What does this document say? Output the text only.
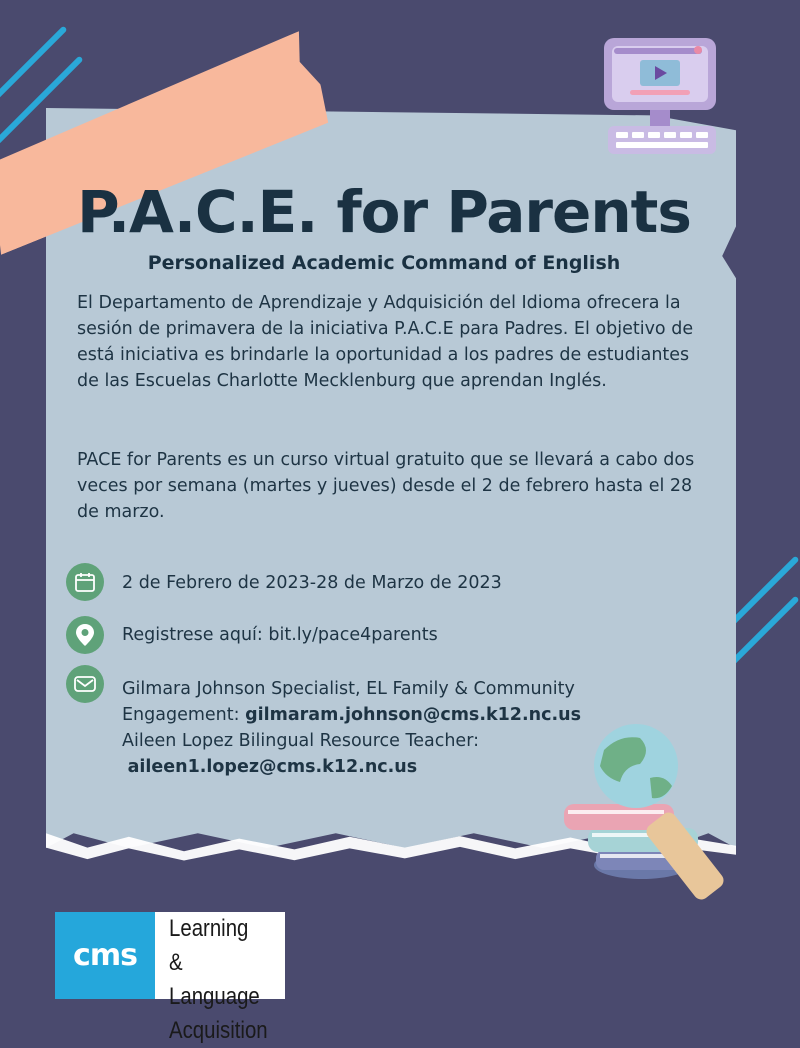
P.A.C.E. for Parents
Personalized Academic Command of English
El Departamento de Aprendizaje y Adquisición del Idioma ofrecera la sesión de primavera de la iniciativa P.A.C.E para Padres. El objetivo de está iniciativa es brindarle la oportunidad a los padres de estudiantes de las Escuelas Charlotte Mecklenburg que aprendan Inglés.
PACE for Parents es un curso virtual gratuito que se llevará a cabo dos veces por semana (martes y jueves) desde el 2 de febrero hasta el 28 de marzo.
2 de Febrero de 2023-28 de Marzo de 2023
Registrese aquí: bit.ly/pace4parents
Gilmara Johnson Specialist, EL Family & Community
Engagement: gilmaram.johnson@cms.k12.nc.us
Aileen Lopez Bilingual Resource Teacher:
aileen1.lopez@cms.k12.nc.us
cms
Learning &
Language
Acquisition
